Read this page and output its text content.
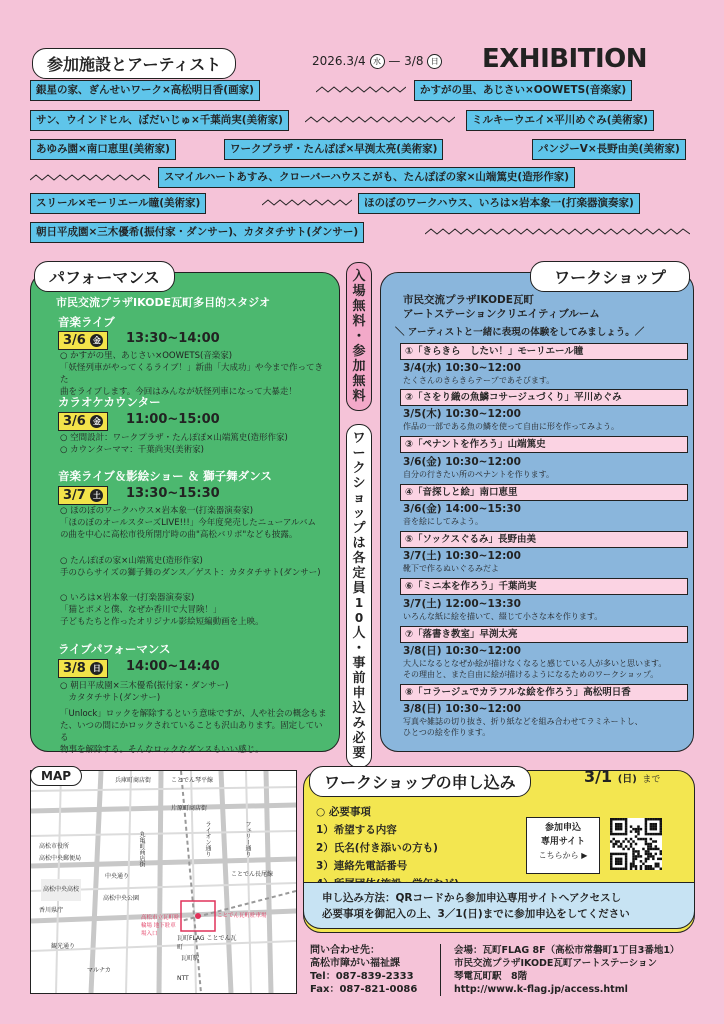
参加施設とアーティスト	2026.3/4 水 — 3/8 日 EXHIBITION
銀星の家、ぎんせいワーク×高松明日香(画家)	かすがの里、あじさい×OOWETS(音楽家)
サン、ウインドヒル、ぼだいじゅ×千葉尚実(美術家)	ミルキーウエイ×平川めぐみ(美術家)
あゆみ園×南口恵里(美術家)	ワークプラザ・たんぽぽ×早渕太亮(美術家)	パンジーV×長野由美(美術家)
スマイルハートあすみ、クローバーハウスこがも、たんぽぽの家×山端篤史(造形作家)
スリール×モーリエール瞳(美術家)	ほのぼのワークハウス、いろは×岩本象一(打楽器演奏家)
朝日平成園×三木優希(振付家・ダンサー)、カタタチサト(ダンサー)
パフォーマンス
市民交流プラザIKODE瓦町多目的スタジオ
音楽ライブ
3/6 金	13:30~14:00
○ かすがの里、あじさい×OOWETS(音楽家)
「妖怪列車がやってくるライブ！」新曲「大成功」や今まで作ってきた
曲をライブします。今回はみんなが妖怪列車になって大暴走！
カラオケカウンター
3/6 金	11:00~15:00
○ 空間設計：ワークプラザ・たんぽぽ×山端篤史(造形作家)
○ カウンターママ：千葉尚実(美術家)
音楽ライブ＆影絵ショー ＆ 獅子舞ダンス
3/7 土	13:30~15:30
○ ほのぼのワークハウス×岩本象一(打楽器演奏家)
「ほのぼのオールスターズLIVE!!!」今年度発売したニューアルバム
の曲を中心に高松市役所閉庁時の曲"高松バリポ"なども披露。
○ たんぽぽの家×山端篤史(造形作家)
手のひらサイズの獅子舞のダンス／ゲスト：カタタチサト(ダンサー)
○ いろは×岩本象一(打楽器演奏家)
「猫とポメと僕、なぜか香川で大冒険！」
子どもたちと作ったオリジナル影絵短編動画を上映。
ライブパフォーマンス
3/8 日	14:00~14:40
○ 朝日平成園×三木優希(振付家・ダンサー)
　カタタチサト(ダンサー)
「Unlock」ロックを解除するという意味ですが、人や社会の概念もま
た、いつの間にかロックされていることも沢山あります。固定している
物事を解除する。そんなロックなダンスもいい感じ。
入
場
無
料
・
参
加
無
料
ワ
ー
ク
シ
ョ
ッ
プ
は
各
定
員
1
0
人
・
事
前
申
込
み
必
要
ワークショップ
市民交流プラザIKODE瓦町
アートステーションクリエイティブルーム
＼ アーティストと一緒に表現の体験をしてみましょう。／
①「きらきら　したい！」モーリエール瞳
3/4(水) 10:30~12:00
たくさんのきらきらテープであそびます。
②「さをり織の魚鱗コサージュづくり」平川めぐみ
3/5(木) 10:30~12:00
作品の一部である魚の鱗を使って自由に形を作ってみよう。
③「ペナントを作ろう」山端篤史
3/6(金) 10:30~12:00
自分の行きたい所のペナントを作ります。
④「音探しと絵」南口恵里
3/6(金) 14:00~15:30
音を絵にしてみよう。
⑤「ソックスぐるみ」長野由美
3/7(土) 10:30~12:00
靴下で作るぬいぐるみだよ
⑥「ミニ本を作ろう」千葉尚実
3/7(土) 12:00~13:30
いろんな紙に絵を描いて、綴じて小さな本を作ります。
⑦「落書き教室」早渕太亮
3/8(日) 10:30~12:00
大人になるとなぜか絵が描けなくなると感じている人が多いと思います。
その理由と、また自由に絵が描けるようになるためのワークショップ。
⑧「コラージュでカラフルな絵を作ろう」高松明日香
3/8(日) 10:30~12:00
写真や雑誌の切り抜き、折り紙などを組み合わせてラミネートし、
ひとつの絵を作ります。
MAP	兵庫町商店街
片原町商店街
丸亀町商店街	ライオン通り	フェリー通り
中央通り
高松市役所
高松中央郵便局
高松中央公園
高松中央高校
香川県庁
観光通り
瓦町駅
ことでん琴平線
ことでん長尾線
マルナカ
NTT
高松市立瓦町駐輪場 地下駐車場入口
ことでん瓦町駐車場
瓦町FLAG ことでん瓦町
ワークショップの申し込み	3/1 (日) まで
○ 必要事項
1）希望する内容
2）氏名(付き添いの方も)
3）連絡先電話番号
参加申込
専用サイト
こちらから ▶
申し込み方法：QRコードから参加申込専用サイトへアクセスし
必要事項を御記入の上、3／1(日)までに参加申込をしてください
問い合わせ先：
高松市障がい福祉課
Tel：087-839-2333
Fax：087-821-0086
会場：瓦町FLAG 8F（高松市常磐町1丁目3番地1）
市民交流プラザIKODE瓦町アートステーション
琴電瓦町駅　 8階
http://www.k-flag.jp/access.html
